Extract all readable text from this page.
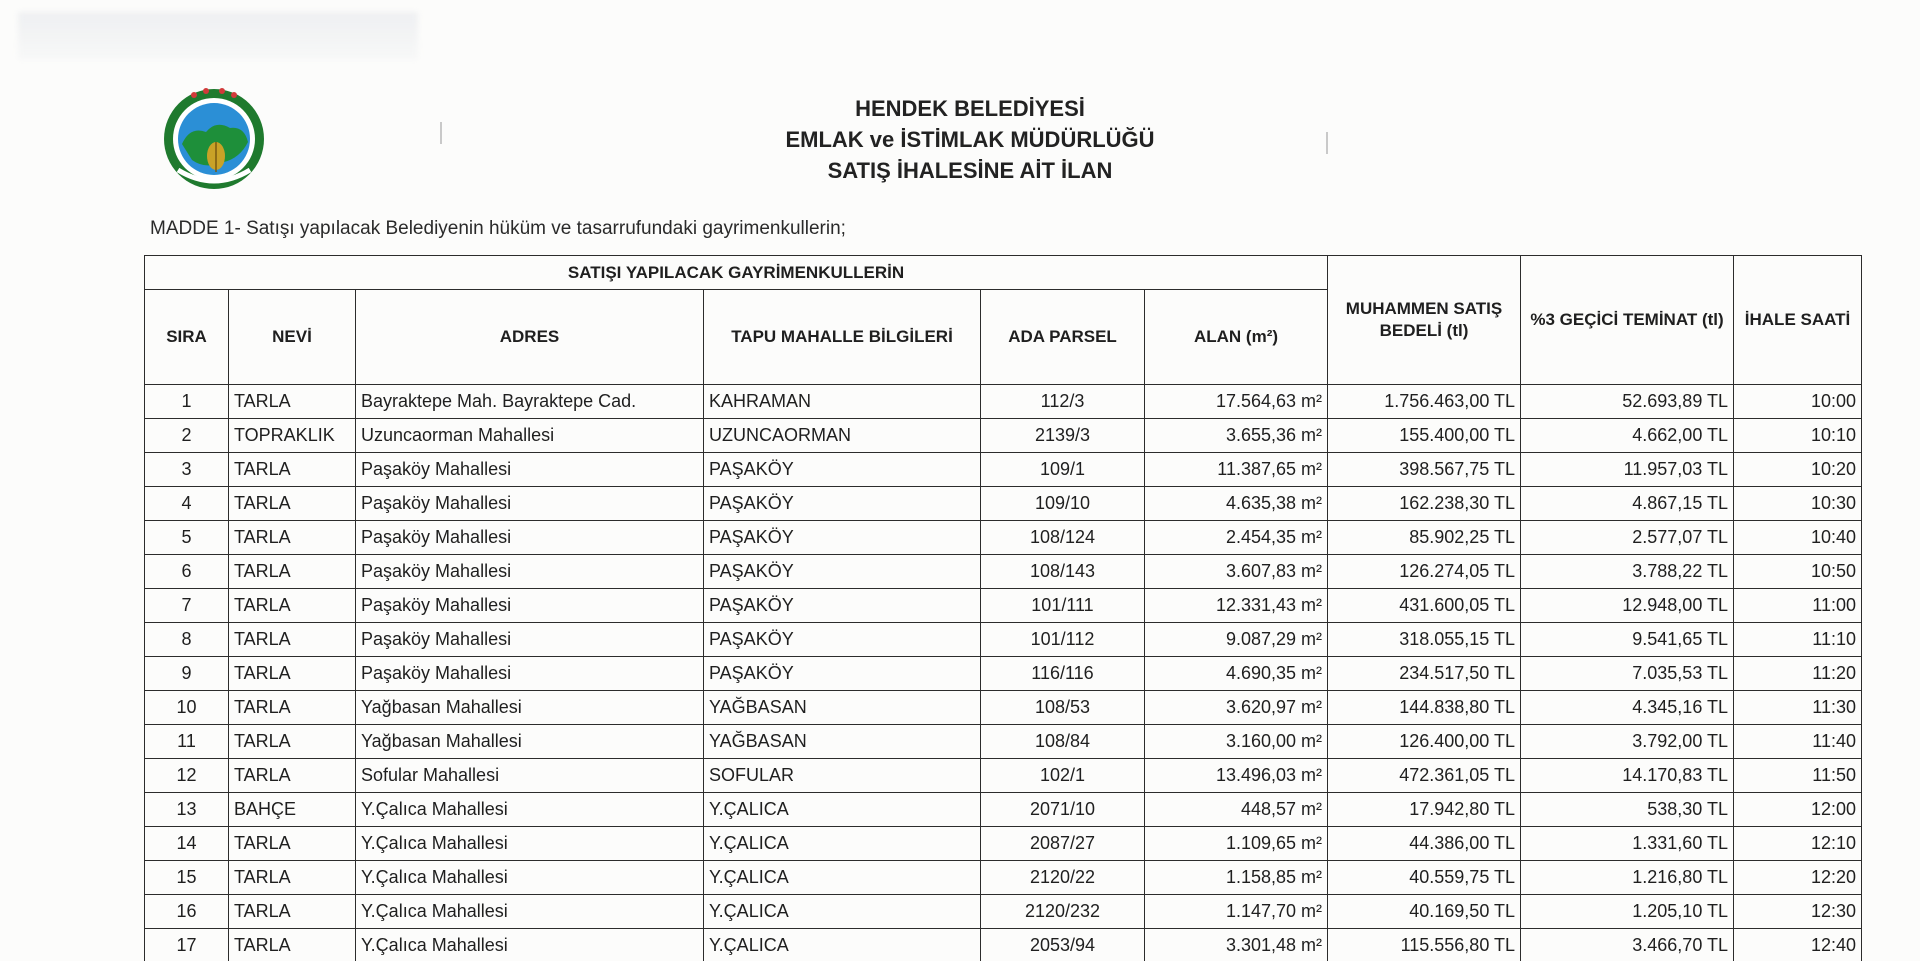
HENDEK BELEDİYESİ
EMLAK ve İSTİMLAK MÜDÜRLÜĞÜ
SATIŞ İHALESİNE AİT İLAN
MADDE 1- Satışı yapılacak Belediyenin hüküm ve tasarrufundaki gayrimenkullerin;
SATIŞI YAPILACAK GAYRİMENKULLERİN						MUHAMMEN SATIŞ BEDELİ (tl)	%3 GEÇİCİ TEMİNAT (tl)	İHALE SAATİ
SIRA	NEVİ	ADRES	TAPU MAHALLE BİLGİLERİ	ADA PARSEL	ALAN (m²)			
1	TARLA	Bayraktepe Mah. Bayraktepe Cad.	KAHRAMAN	112/3	17.564,63 m²	1.756.463,00 TL	52.693,89 TL	10:00
2	TOPRAKLIK	Uzuncaorman Mahallesi	UZUNCAORMAN	2139/3	3.655,36 m²	155.400,00 TL	4.662,00 TL	10:10
3	TARLA	Paşaköy Mahallesi	PAŞAKÖY	109/1	11.387,65 m²	398.567,75 TL	11.957,03 TL	10:20
4	TARLA	Paşaköy Mahallesi	PAŞAKÖY	109/10	4.635,38 m²	162.238,30 TL	4.867,15 TL	10:30
5	TARLA	Paşaköy Mahallesi	PAŞAKÖY	108/124	2.454,35 m²	85.902,25 TL	2.577,07 TL	10:40
6	TARLA	Paşaköy Mahallesi	PAŞAKÖY	108/143	3.607,83 m²	126.274,05 TL	3.788,22 TL	10:50
7	TARLA	Paşaköy Mahallesi	PAŞAKÖY	101/111	12.331,43 m²	431.600,05 TL	12.948,00 TL	11:00
8	TARLA	Paşaköy Mahallesi	PAŞAKÖY	101/112	9.087,29 m²	318.055,15 TL	9.541,65 TL	11:10
9	TARLA	Paşaköy Mahallesi	PAŞAKÖY	116/116	4.690,35 m²	234.517,50 TL	7.035,53 TL	11:20
10	TARLA	Yağbasan Mahallesi	YAĞBASAN	108/53	3.620,97 m²	144.838,80 TL	4.345,16 TL	11:30
11	TARLA	Yağbasan Mahallesi	YAĞBASAN	108/84	3.160,00 m²	126.400,00 TL	3.792,00 TL	11:40
12	TARLA	Sofular Mahallesi	SOFULAR	102/1	13.496,03 m²	472.361,05 TL	14.170,83 TL	11:50
13	BAHÇE	Y.Çalıca Mahallesi	Y.ÇALICA	2071/10	448,57 m²	17.942,80 TL	538,30 TL	12:00
14	TARLA	Y.Çalıca Mahallesi	Y.ÇALICA	2087/27	1.109,65 m²	44.386,00 TL	1.331,60 TL	12:10
15	TARLA	Y.Çalıca Mahallesi	Y.ÇALICA	2120/22	1.158,85 m²	40.559,75 TL	1.216,80 TL	12:20
16	TARLA	Y.Çalıca Mahallesi	Y.ÇALICA	2120/232	1.147,70 m²	40.169,50 TL	1.205,10 TL	12:30
17	TARLA	Y.Çalıca Mahallesi	Y.ÇALICA	2053/94	3.301,48 m²	115.556,80 TL	3.466,70 TL	12:40
